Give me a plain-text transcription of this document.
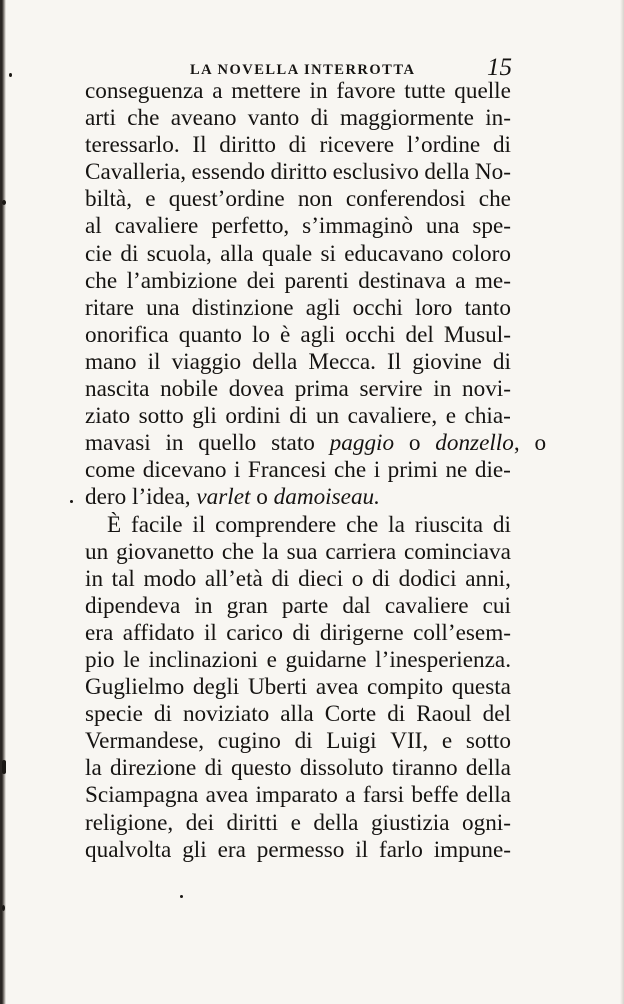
LA NOVELLA INTERROTTA	15
conseguenza a mettere in favore tutte quelle
arti che aveano vanto di maggiormente in-
teressarlo. Il diritto di ricevere l’ordine di
Cavalleria, essendo diritto esclusivo della No-
biltà, e quest’ordine non conferendosi che
al cavaliere perfetto, s’immaginò una spe-
cie di scuola, alla quale si educavano coloro
che l’ambizione dei parenti destinava a me-
ritare una distinzione agli occhi loro tanto
onorifica quanto lo è agli occhi del Musul-
mano il viaggio della Mecca. Il giovine di
nascita nobile dovea prima servire in novi-
ziato sotto gli ordini di un cavaliere, e chia-
mavasi in quello stato paggio o donzello , o
come dicevano i Francesi che i primi ne die-
dero l’idea, varlet o damoiseau.
È facile il comprendere che la riuscita di
un giovanetto che la sua carriera cominciava
in tal modo all’età di dieci o di dodici anni,
dipendeva in gran parte dal cavaliere cui
era affidato il carico di dirigerne coll’esem-
pio le inclinazioni e guidarne l’inesperienza.
Guglielmo degli Uberti avea compito questa
specie di noviziato alla Corte di Raoul del
Vermandese, cugino di Luigi VII, e sotto
la direzione di questo dissoluto tiranno della
Sciampagna avea imparato a farsi beffe della
religione, dei diritti e della giustizia ogni-
qualvolta gli era permesso il farlo impune-
